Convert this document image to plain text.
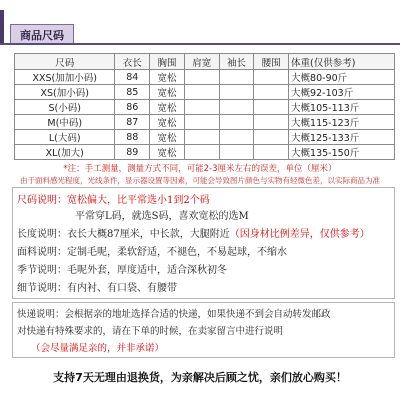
商品尺码
尺码	衣长	胸围	肩宽	袖长	腰围	体重(仅供参考)
XXS(加加小码)	84	宽松				大概80-90斤
XS(加小码)	85	宽松				大概92-103斤
S(小码)	86	宽松				大概105-113斤
M(中码)	87	宽松				大概115-123斤
L(大码)	88	宽松				大概125-133斤
XL(加大)	89	宽松				大概135-150斤
*注：手工测量，测量方式不同，可能2-3厘米左右的误差，单位（厘米）
由于面料感光程度，光线条件，显示器设置等因素，可能会导致图片颜色与实物有轻微色差，以实际商品为准
尺码说明：宽松偏大，比平常选小1到2个码
平常穿L码，就选S码，喜欢宽松的选M
长度说明：衣长大概87厘米，中长款，大腿附近（因身材比例差异，仅供参考）
面料说明：定制毛呢，柔软舒适，不褪色，不易起球，不缩水
季节说明：毛呢外套，厚度适中，适合深秋初冬
细节说明：有内衬、有口袋、有腰带
快递说明：会根据亲的地址选择合适的快递，如果快递不到会自动转发邮政
对快递有特殊要求的，请在下单的时候，在卖家留言中进行说明
（会尽量满足亲的，并非承诺）
支持7天无理由退换货，为亲解决后顾之忧，亲们放心购买！
